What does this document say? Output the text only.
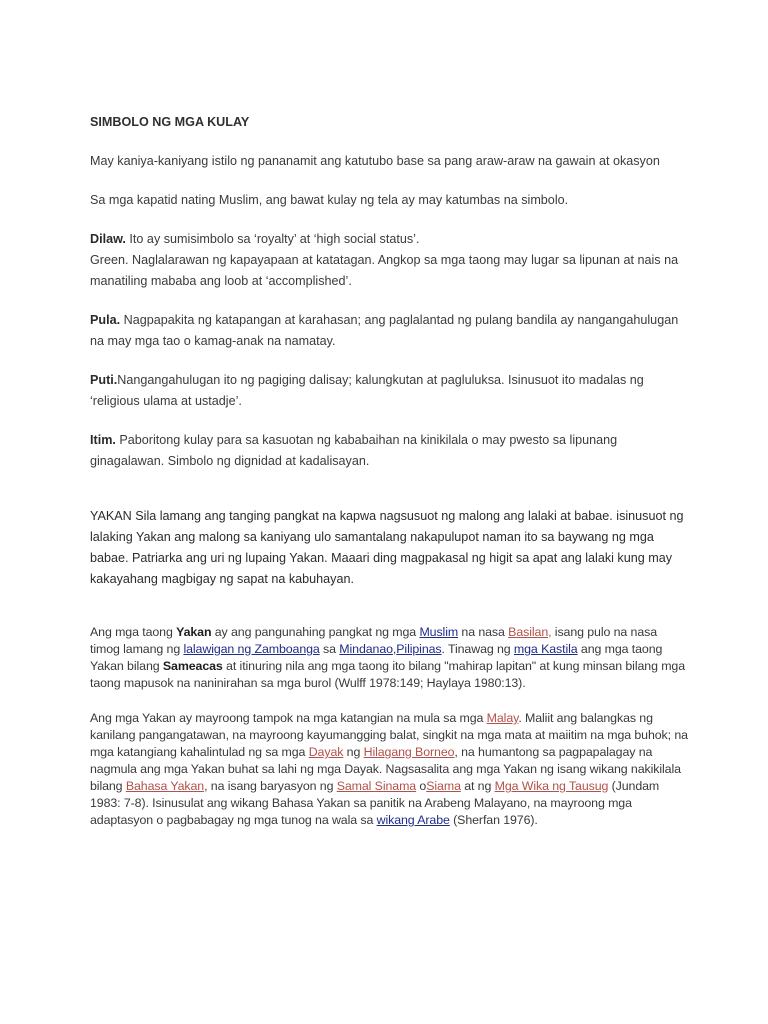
SIMBOLO NG MGA KULAY

May kaniya-kaniyang istilo ng pananamit ang katutubo base sa pang araw-araw na gawain at okasyon

Sa mga kapatid nating Muslim, ang bawat kulay ng tela ay may katumbas na simbolo.

Dilaw. Ito ay sumisimbolo sa ‘royalty’ at ‘high social status’.
Green. Naglalarawan ng kapayapaan at katatagan. Angkop sa mga taong may lugar sa lipunan at nais na manatiling mababa ang loob at ‘accomplished’.

Pula. Nagpapakita ng katapangan at karahasan; ang paglalantad ng pulang bandila ay nangangahulugan na may mga tao o kamag-anak na namatay.

Puti.Nangangahulugan ito ng pagiging dalisay; kalungkutan at pagluluksa. Isinusuot ito madalas ng ‘religious ulama at ustadje’.

Itim. Paboritong kulay para sa kasuotan ng kababaihan na kinikilala o may pwesto sa lipunang ginagalawan. Simbolo ng dignidad at kadalisayan.

YAKAN Sila lamang ang tanging pangkat na kapwa nagsusuot ng malong ang lalaki at babae. isinusuot ng lalaking Yakan ang malong sa kaniyang ulo samantalang nakapulupot naman ito sa baywang ng mga babae. Patriarka ang uri ng lupaing Yakan. Maaari ding magpakasal ng higit sa apat ang lalaki kung may kakayahang magbigay ng sapat na kabuhayan.

Ang mga taong Yakan ay ang pangunahing pangkat ng mga Muslim na nasa Basilan, isang pulo na nasa timog lamang ng lalawigan ng Zamboanga sa Mindanao,Pilipinas. Tinawag ng mga Kastila ang mga taong Yakan bilang Sameacas at itinuring nila ang mga taong ito bilang "mahirap lapitan" at kung minsan bilang mga taong mapusok na naninirahan sa mga burol (Wulff 1978:149; Haylaya 1980:13).

Ang mga Yakan ay mayroong tampok na mga katangian na mula sa mga Malay. Maliit ang balangkas ng kanilang pangangatawan, na mayroong kayumangging balat, singkit na mga mata at maiitim na mga buhok; na mga katangiang kahalintulad ng sa mga Dayak ng Hilagang Borneo, na humantong sa pagpapalagay na nagmula ang mga Yakan buhat sa lahi ng mga Dayak. Nagsasalita ang mga Yakan ng isang wikang nakikilala bilang Bahasa Yakan, na isang baryasyon ng Samal Sinama oSiama at ng Mga Wika ng Tausug (Jundam 1983: 7-8). Isinusulat ang wikang Bahasa Yakan sa panitik na Arabeng Malayano, na mayroong mga adaptasyon o pagbabagay ng mga tunog na wala sa wikang Arabe (Sherfan 1976).
